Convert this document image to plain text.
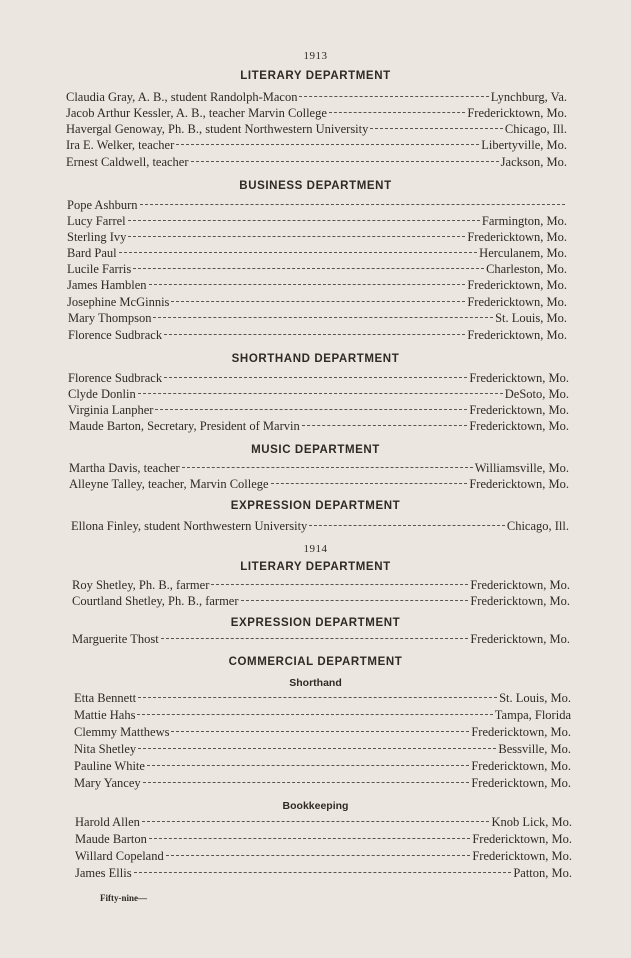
1913
LITERARY DEPARTMENT
Claudia Gray, A. B., student Randolph-Macon	Lynchburg, Va.
Jacob Arthur Kessler, A. B., teacher Marvin College	Fredericktown, Mo.
Havergal Genoway, Ph. B., student Northwestern University	Chicago, Ill.
Ira E. Welker, teacher	Libertyville, Mo.
Ernest Caldwell, teacher	Jackson, Mo.
BUSINESS DEPARTMENT
Pope Ashburn
Lucy Farrel	Farmington, Mo.
Sterling Ivy	Fredericktown, Mo.
Bard Paul	Herculanem, Mo.
Lucile Farris	Charleston, Mo.
James Hamblen	Fredericktown, Mo.
Josephine McGinnis	Fredericktown, Mo.
Mary Thompson	St. Louis, Mo.
Florence Sudbrack	Fredericktown, Mo.
SHORTHAND DEPARTMENT
Florence Sudbrack	Fredericktown, Mo.
Clyde Donlin	DeSoto, Mo.
Virginia Lanpher	Fredericktown, Mo.
Maude Barton, Secretary, President of Marvin	Fredericktown, Mo.
MUSIC DEPARTMENT
Martha Davis, teacher	Williamsville, Mo.
Alleyne Talley, teacher, Marvin College	Fredericktown, Mo.
EXPRESSION DEPARTMENT
Ellona Finley, student Northwestern University	Chicago, Ill.
1914
LITERARY DEPARTMENT
Roy Shetley, Ph. B., farmer	Fredericktown, Mo.
Courtland Shetley, Ph. B., farmer	Fredericktown, Mo.
EXPRESSION DEPARTMENT
Marguerite Thost	Fredericktown, Mo.
COMMERCIAL DEPARTMENT
Shorthand
Etta Bennett	St. Louis, Mo.
Mattie Hahs	Tampa, Florida
Clemmy Matthews	Fredericktown, Mo.
Nita Shetley	Bessville, Mo.
Pauline White	Fredericktown, Mo.
Mary Yancey	Fredericktown, Mo.
Bookkeeping
Harold Allen	Knob Lick, Mo.
Maude Barton	Fredericktown, Mo.
Willard Copeland	Fredericktown, Mo.
James Ellis	Patton, Mo.
Fifty-nine—
